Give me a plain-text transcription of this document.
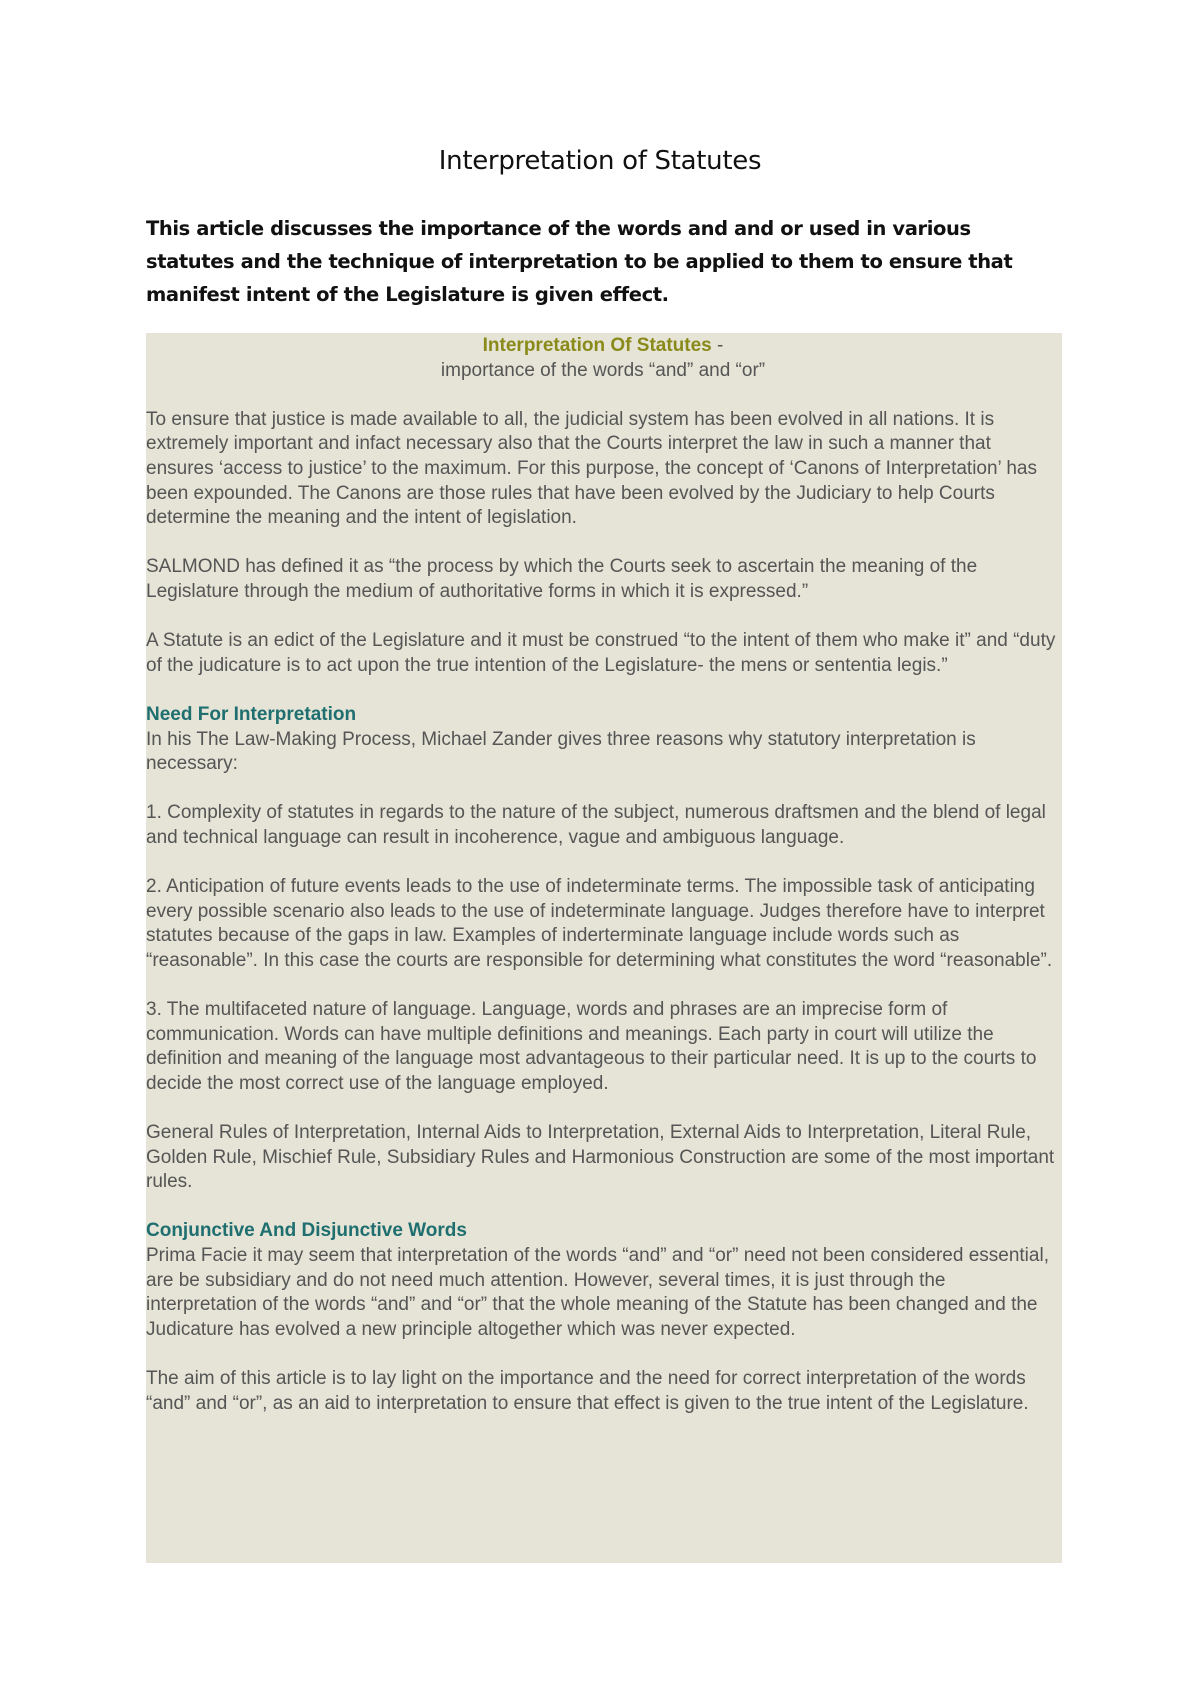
Interpretation of Statutes

This article discusses the importance of the words and and or used in various statutes and the technique of interpretation to be applied to them to ensure that manifest intent of the Legislature is given effect.

Interpretation Of Statutes -
importance of the words “and” and “or”

To ensure that justice is made available to all, the judicial system has been evolved in all nations. It is extremely important and infact necessary also that the Courts interpret the law in such a manner that ensures ‘access to justice’ to the maximum. For this purpose, the concept of ‘Canons of Interpretation’ has been expounded. The Canons are those rules that have been evolved by the Judiciary to help Courts determine the meaning and the intent of legislation.

SALMOND has defined it as “the process by which the Courts seek to ascertain the meaning of the Legislature through the medium of authoritative forms in which it is expressed.”

A Statute is an edict of the Legislature and it must be construed “to the intent of them who make it” and “duty of the judicature is to act upon the true intention of the Legislature- the mens or sententia legis.”

Need For Interpretation

In his The Law-Making Process, Michael Zander gives three reasons why statutory interpretation is necessary:

1. Complexity of statutes in regards to the nature of the subject, numerous draftsmen and the blend of legal and technical language can result in incoherence, vague and ambiguous language.

2. Anticipation of future events leads to the use of indeterminate terms. The impossible task of anticipating every possible scenario also leads to the use of indeterminate language. Judges therefore have to interpret statutes because of the gaps in law. Examples of inderterminate language include words such as “reasonable”. In this case the courts are responsible for determining what constitutes the word “reasonable”.

3. The multifaceted nature of language. Language, words and phrases are an imprecise form of communication. Words can have multiple definitions and meanings. Each party in court will utilize the definition and meaning of the language most advantageous to their particular need. It is up to the courts to decide the most correct use of the language employed.

General Rules of Interpretation, Internal Aids to Interpretation, External Aids to Interpretation, Literal Rule, Golden Rule, Mischief Rule, Subsidiary Rules and Harmonious Construction are some of the most important rules.

Conjunctive And Disjunctive Words

Prima Facie it may seem that interpretation of the words “and” and “or” need not been considered essential, are be subsidiary and do not need much attention. However, several times, it is just through the interpretation of the words “and” and “or” that the whole meaning of the Statute has been changed and the Judicature has evolved a new principle altogether which was never expected.

The aim of this article is to lay light on the importance and the need for correct interpretation of the words “and” and “or”, as an aid to interpretation to ensure that effect is given to the true intent of the Legislature.
